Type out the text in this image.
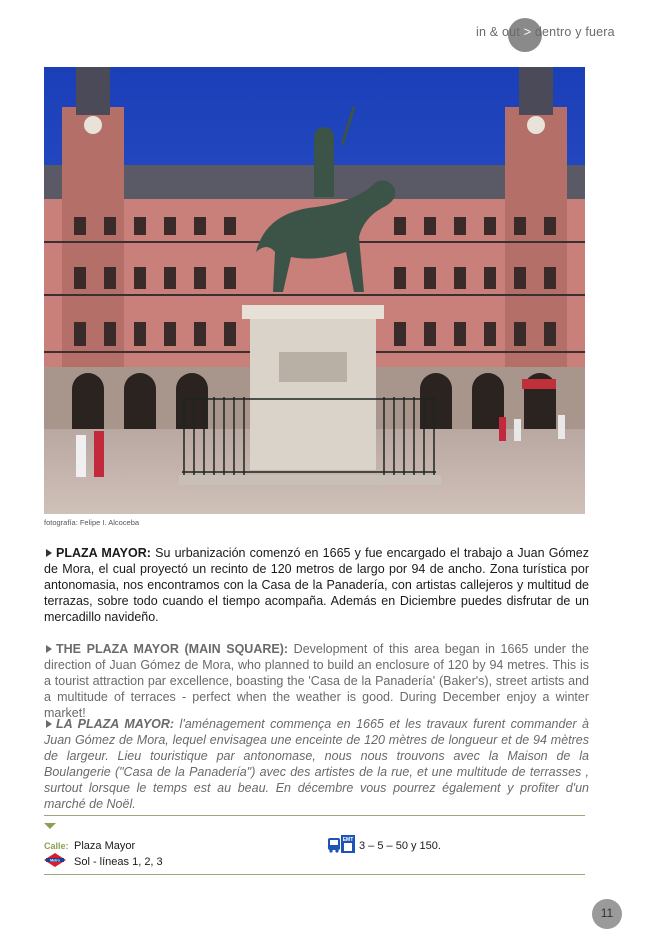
in & out > dentro y fuera
fotografía: Felipe I. Alcoceba
PLAZA MAYOR: Su urbanización comenzó en 1665 y fue encargado el trabajo a Juan Gómez de Mora, el cual proyectó un recinto de 120 metros de largo por 94 de ancho. Zona turística por antonomasia, nos encontramos con la Casa de la Panadería, con artistas callejeros y multitud de terrazas, sobre todo cuando el tiempo acompaña. Además en Diciembre puedes disfrutar de un mercadillo navideño.
THE PLAZA MAYOR (MAIN SQUARE): Development of this area began in 1665 under the direction of Juan Gómez de Mora, who planned to build an enclosure of 120 by 94 metres. This is a tourist attraction par excellence, boasting the 'Casa de la Panadería' (Baker's), street artists and a multitude of terraces - perfect when the weather is good. During December enjoy a winter market!
LA PLAZA MAYOR: l'aménagement commença en 1665 et les travaux furent commander à Juan Gómez de Mora, lequel envisagea une enceinte de 120 mètres de longueur et de 94 mètres de largeur. Lieu touristique par antonomase, nous nous trouvons avec la Maison de la Boulangerie ("Casa de la Panadería") avec des artistes de la rue, et une multitude de terrasses , surtout lorsque le temps est au beau. En décembre vous pourrez également y profiter d'un marché de Noël.
Calle: Plaza Mayor
Metro Sol - líneas 1, 2, 3
EMT 3 – 5 – 50 y 150.
11
